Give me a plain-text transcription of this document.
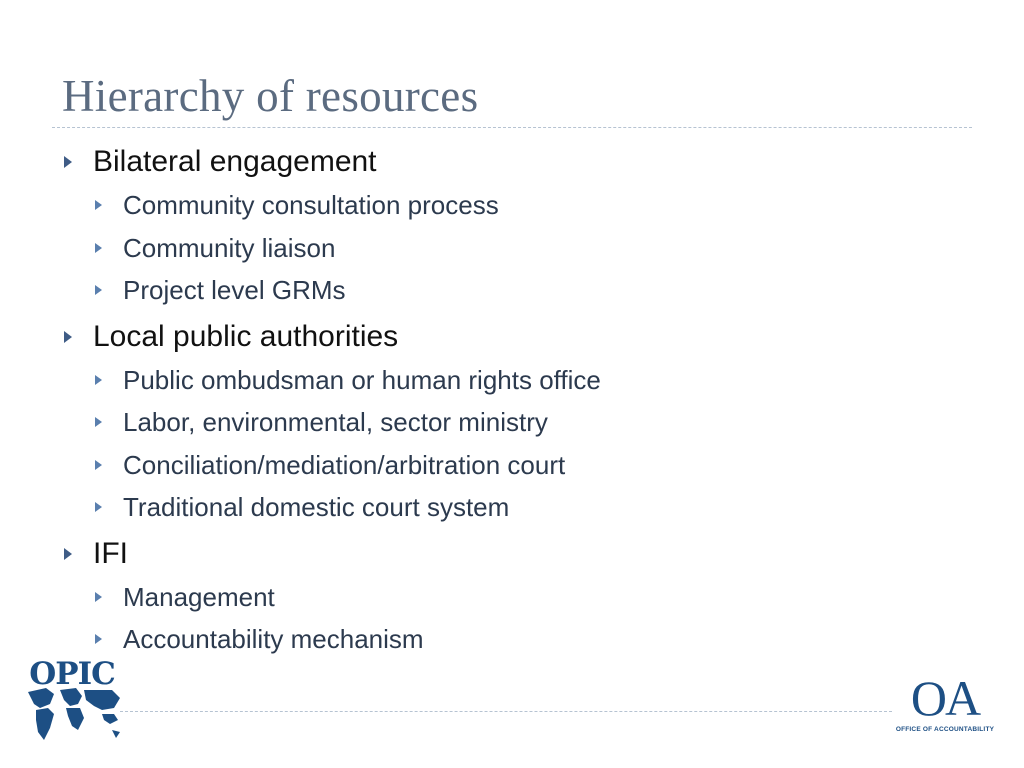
Hierarchy of resources
Bilateral engagement
Community consultation process
Community liaison
Project level GRMs
Local public authorities
Public ombudsman or human rights office
Labor, environmental, sector ministry
Conciliation/mediation/arbitration court
Traditional domestic court system
IFI
Management
Accountability mechanism
OPIC	OA
OFFICE OF ACCOUNTABILITY
